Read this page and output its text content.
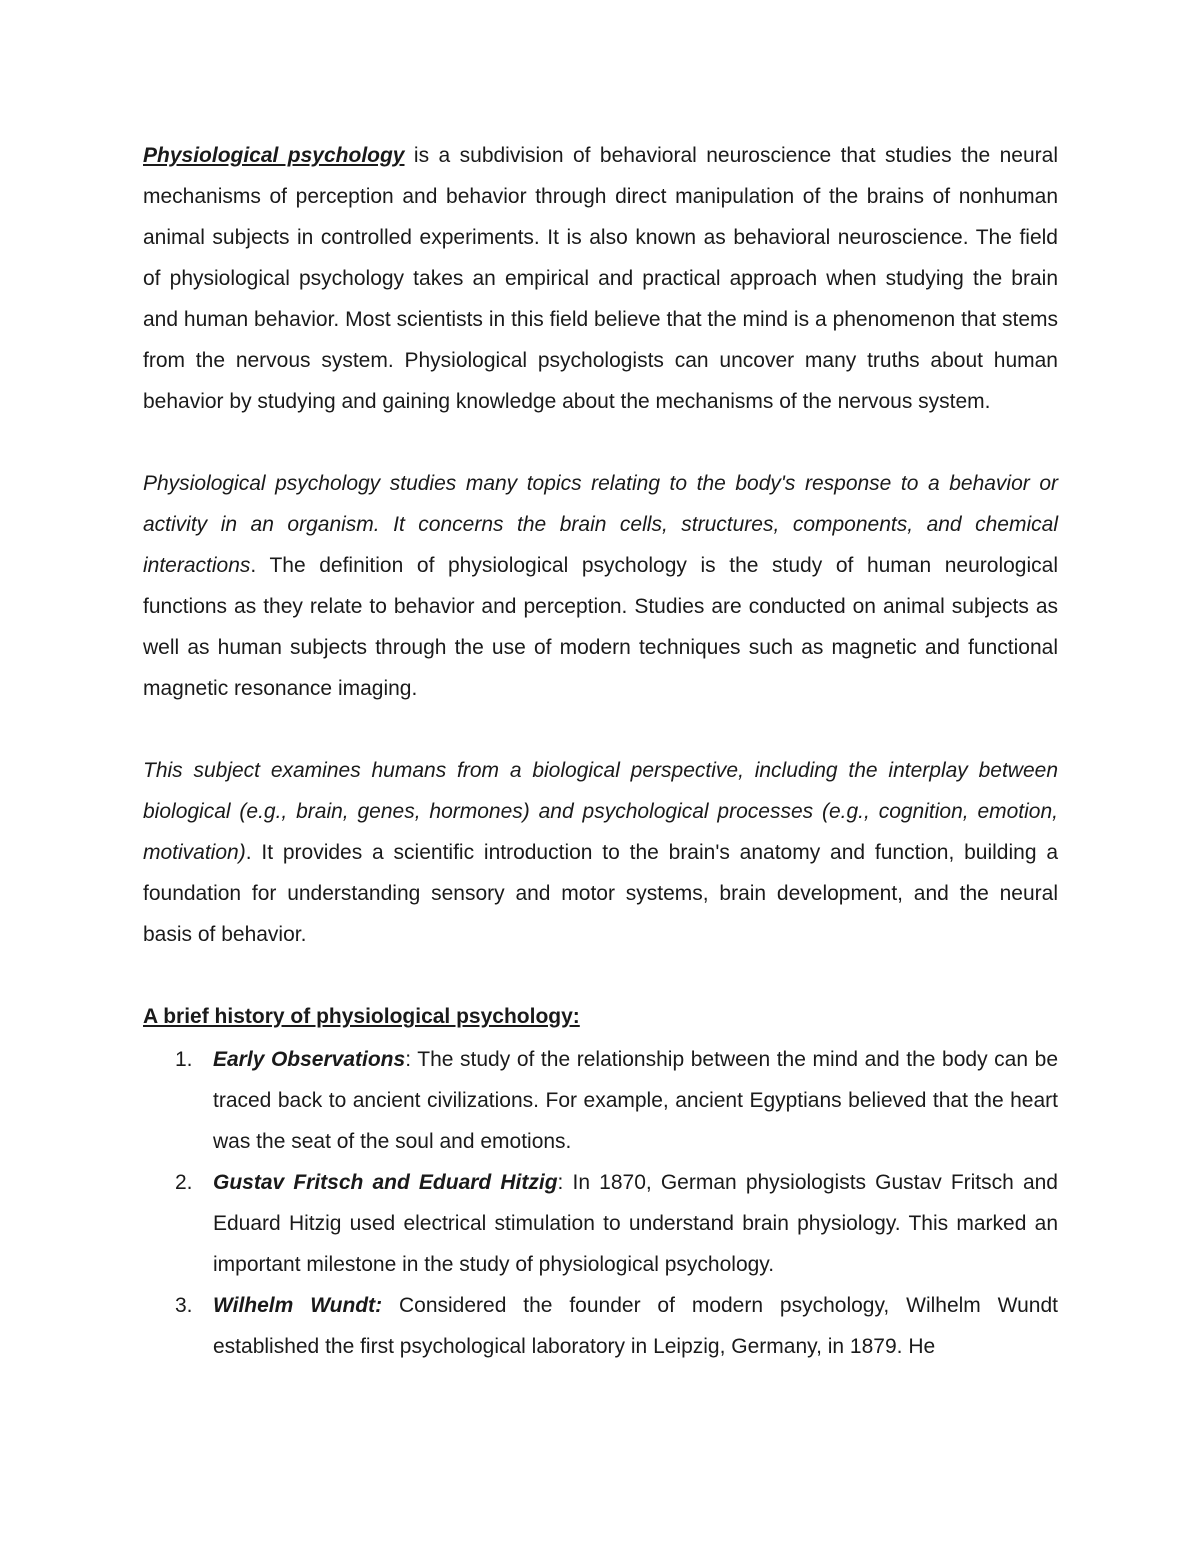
Physiological psychology is a subdivision of behavioral neuroscience that studies the neural mechanisms of perception and behavior through direct manipulation of the brains of nonhuman animal subjects in controlled experiments. It is also known as behavioral neuroscience. The field of physiological psychology takes an empirical and practical approach when studying the brain and human behavior. Most scientists in this field believe that the mind is a phenomenon that stems from the nervous system. Physiological psychologists can uncover many truths about human behavior by studying and gaining knowledge about the mechanisms of the nervous system.

Physiological psychology studies many topics relating to the body's response to a behavior or activity in an organism. It concerns the brain cells, structures, components, and chemical interactions. The definition of physiological psychology is the study of human neurological functions as they relate to behavior and perception. Studies are conducted on animal subjects as well as human subjects through the use of modern techniques such as magnetic and functional magnetic resonance imaging.

This subject examines humans from a biological perspective, including the interplay between biological (e.g., brain, genes, hormones) and psychological processes (e.g., cognition, emotion, motivation). It provides a scientific introduction to the brain's anatomy and function, building a foundation for understanding sensory and motor systems, brain development, and the neural basis of behavior.

A brief history of physiological psychology:
1. Early Observations: The study of the relationship between the mind and the body can be traced back to ancient civilizations. For example, ancient Egyptians believed that the heart was the seat of the soul and emotions.
2. Gustav Fritsch and Eduard Hitzig: In 1870, German physiologists Gustav Fritsch and Eduard Hitzig used electrical stimulation to understand brain physiology. This marked an important milestone in the study of physiological psychology.
3. Wilhelm Wundt: Considered the founder of modern psychology, Wilhelm Wundt established the first psychological laboratory in Leipzig, Germany, in 1879. He
